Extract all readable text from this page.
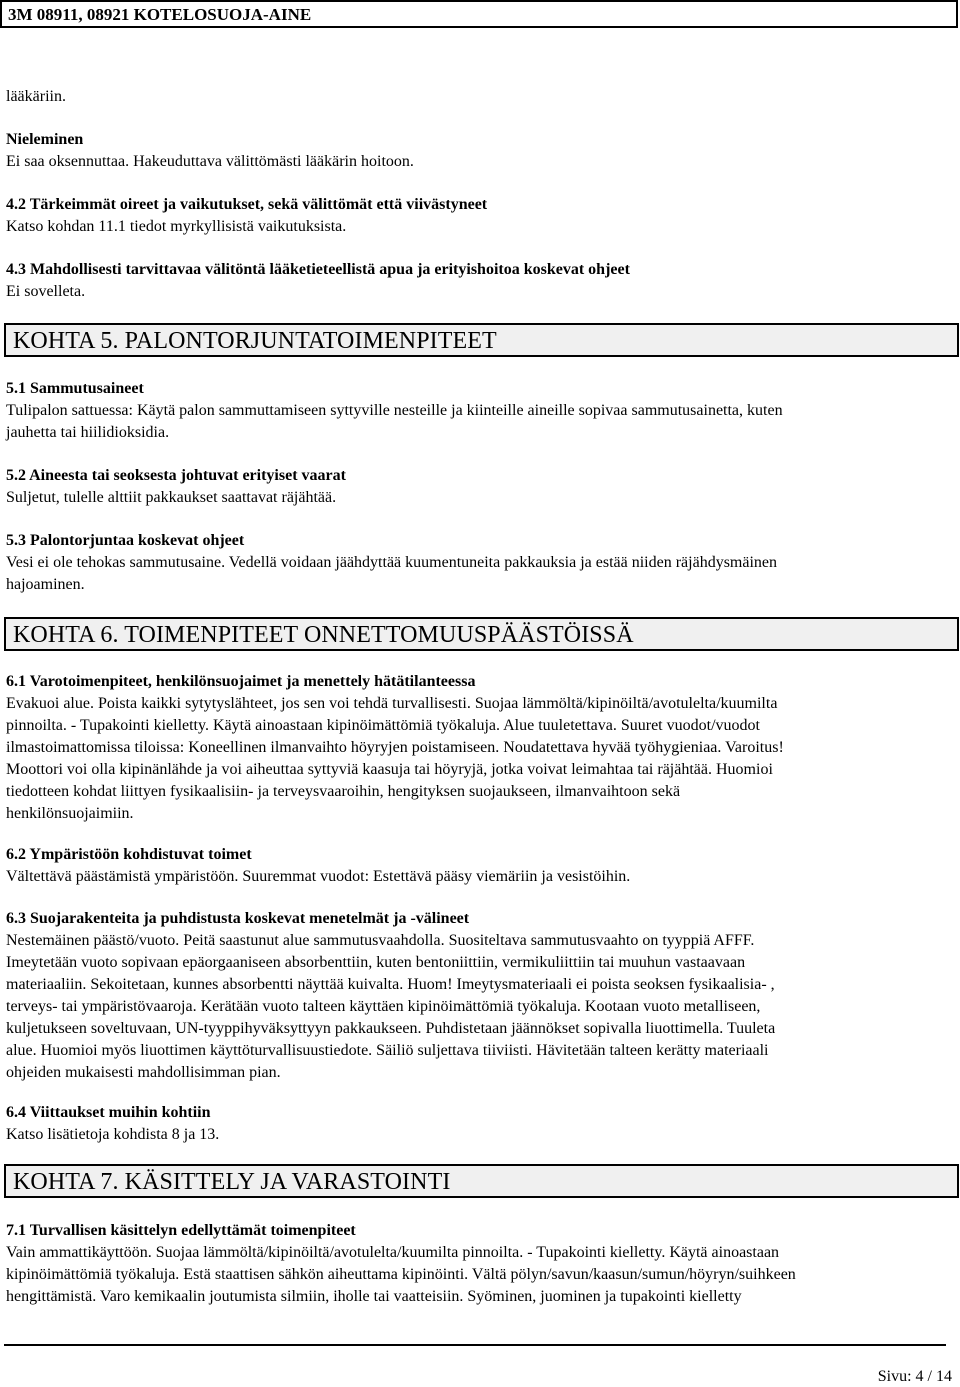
3M 08911, 08921 KOTELOSUOJA-AINE
lääkäriin.
Nieleminen
Ei saa oksennuttaa. Hakeuduttava välittömästi lääkärin hoitoon.
4.2 Tärkeimmät oireet ja vaikutukset, sekä välittömät että viivästyneet
Katso kohdan 11.1 tiedot myrkyllisistä vaikutuksista.
4.3 Mahdollisesti tarvittavaa välitöntä lääketieteellistä apua ja erityishoitoa koskevat ohjeet
Ei sovelleta.
KOHTA 5. PALONTORJUNTATOIMENPITEET
5.1 Sammutusaineet
Tulipalon sattuessa: Käytä palon sammuttamiseen syttyville nesteille ja kiinteille aineille sopivaa sammutusainetta, kuten
jauhetta tai hiilidioksidia.
5.2 Aineesta tai seoksesta johtuvat erityiset vaarat
Suljetut, tulelle alttiit pakkaukset saattavat räjähtää.
5.3 Palontorjuntaa koskevat ohjeet
Vesi ei ole tehokas sammutusaine. Vedellä voidaan jäähdyttää kuumentuneita pakkauksia ja estää niiden räjähdysmäinen
hajoaminen.
KOHTA 6. TOIMENPITEET ONNETTOMUUSPÄÄSTÖISSÄ
6.1 Varotoimenpiteet, henkilönsuojaimet ja menettely hätätilanteessa
Evakuoi alue. Poista kaikki sytytyslähteet, jos sen voi tehdä turvallisesti. Suojaa lämmöltä/kipinöiltä/avotulelta/kuumilta
pinnoilta. - Tupakointi kielletty. Käytä ainoastaan kipinöimättömiä työkaluja. Alue tuuletettava. Suuret vuodot/vuodot
ilmastoimattomissa tiloissa: Koneellinen ilmanvaihto höyryjen poistamiseen. Noudatettava hyvää työhygieniaa. Varoitus!
Moottori voi olla kipinänlähde ja voi aiheuttaa syttyviä kaasuja tai höyryjä, jotka voivat leimahtaa tai räjähtää. Huomioi
tiedotteen kohdat liittyen fysikaalisiin- ja terveysvaaroihin, hengityksen suojaukseen, ilmanvaihtoon sekä
henkilönsuojaimiin.
6.2 Ympäristöön kohdistuvat toimet
Vältettävä päästämistä ympäristöön. Suuremmat vuodot: Estettävä pääsy viemäriin ja vesistöihin.
6.3 Suojarakenteita ja puhdistusta koskevat menetelmät ja -välineet
Nestemäinen päästö/vuoto. Peitä saastunut alue sammutusvaahdolla. Suositeltava sammutusvaahto on tyyppiä AFFF.
Imeytetään vuoto sopivaan epäorgaaniseen absorbenttiin, kuten bentoniittiin, vermikuliittiin tai muuhun vastaavaan
materiaaliin. Sekoitetaan, kunnes absorbentti näyttää kuivalta. Huom! Imeytysmateriaali ei poista seoksen fysikaalisia- ,
terveys- tai ympäristövaaroja. Kerätään vuoto talteen käyttäen kipinöimättömiä työkaluja. Kootaan vuoto metalliseen,
kuljetukseen soveltuvaan, UN-tyyppihyväksyttyyn pakkaukseen. Puhdistetaan jäännökset sopivalla liuottimella. Tuuleta
alue. Huomioi myös liuottimen käyttöturvallisuustiedote. Säiliö suljettava tiiviisti. Hävitetään talteen kerätty materiaali
ohjeiden mukaisesti mahdollisimman pian.
6.4 Viittaukset muihin kohtiin
Katso lisätietoja kohdista 8 ja 13.
KOHTA 7. KÄSITTELY JA VARASTOINTI
7.1 Turvallisen käsittelyn edellyttämät toimenpiteet
Vain ammattikäyttöön. Suojaa lämmöltä/kipinöiltä/avotulelta/kuumilta pinnoilta. - Tupakointi kielletty. Käytä ainoastaan
kipinöimättömiä työkaluja. Estä staattisen sähkön aiheuttama kipinöinti. Vältä pölyn/savun/kaasun/sumun/höyryn/suihkeen
hengittämistä. Varo kemikaalin joutumista silmiin, iholle tai vaatteisiin. Syöminen, juominen ja tupakointi kielletty
Sivu: 4 / 14
